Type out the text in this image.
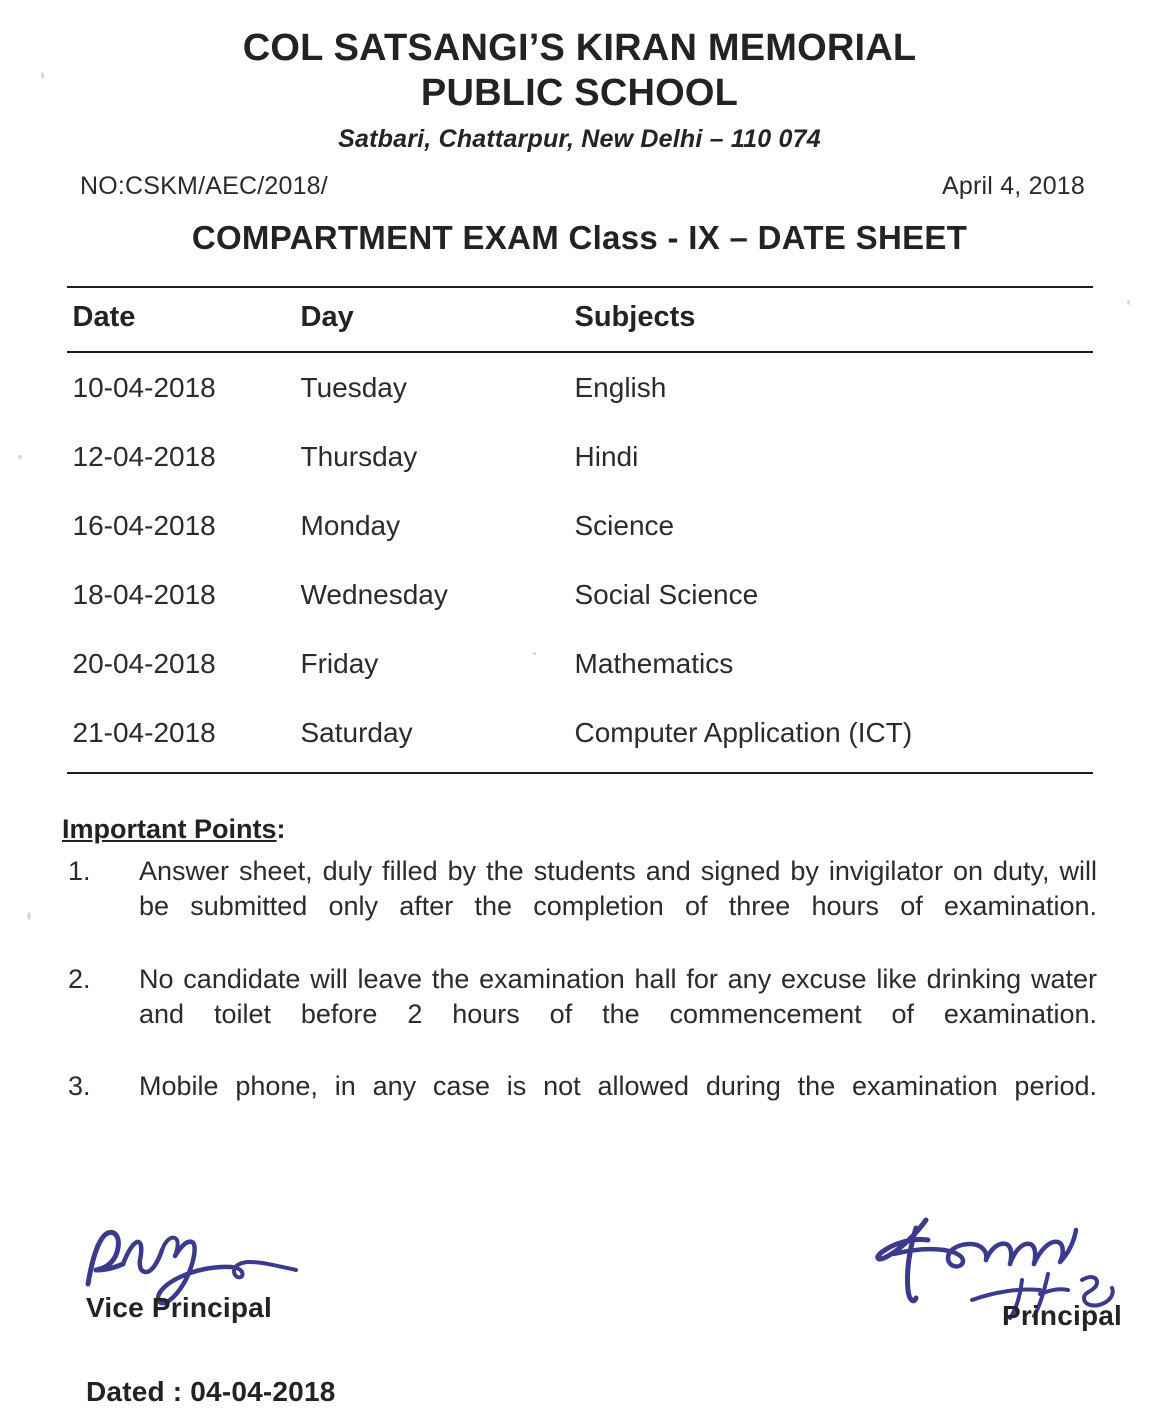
COL SATSANGI’S KIRAN MEMORIAL
PUBLIC SCHOOL
Satbari, Chattarpur, New Delhi – 110 074
NO:CSKM/AEC/2018/	April 4, 2018
COMPARTMENT EXAM Class - IX – DATE SHEET
Date	Day	Subjects
10-04-2018	Tuesday	English
12-04-2018	Thursday	Hindi
16-04-2018	Monday	Science
18-04-2018	Wednesday	Social Science
20-04-2018	Friday	Mathematics
21-04-2018	Saturday	Computer Application (ICT)
Important Points:
1.	Answer sheet, duly filled by the students and signed by invigilator on duty, will be submitted only after the completion of three hours of examination.
2.	No candidate will leave the examination hall for any excuse like drinking water and toilet before 2 hours of the commencement of examination.
3.	Mobile phone, in any case is not allowed during the examination period.
Vice Principal	Principal
Dated : 04-04-2018
